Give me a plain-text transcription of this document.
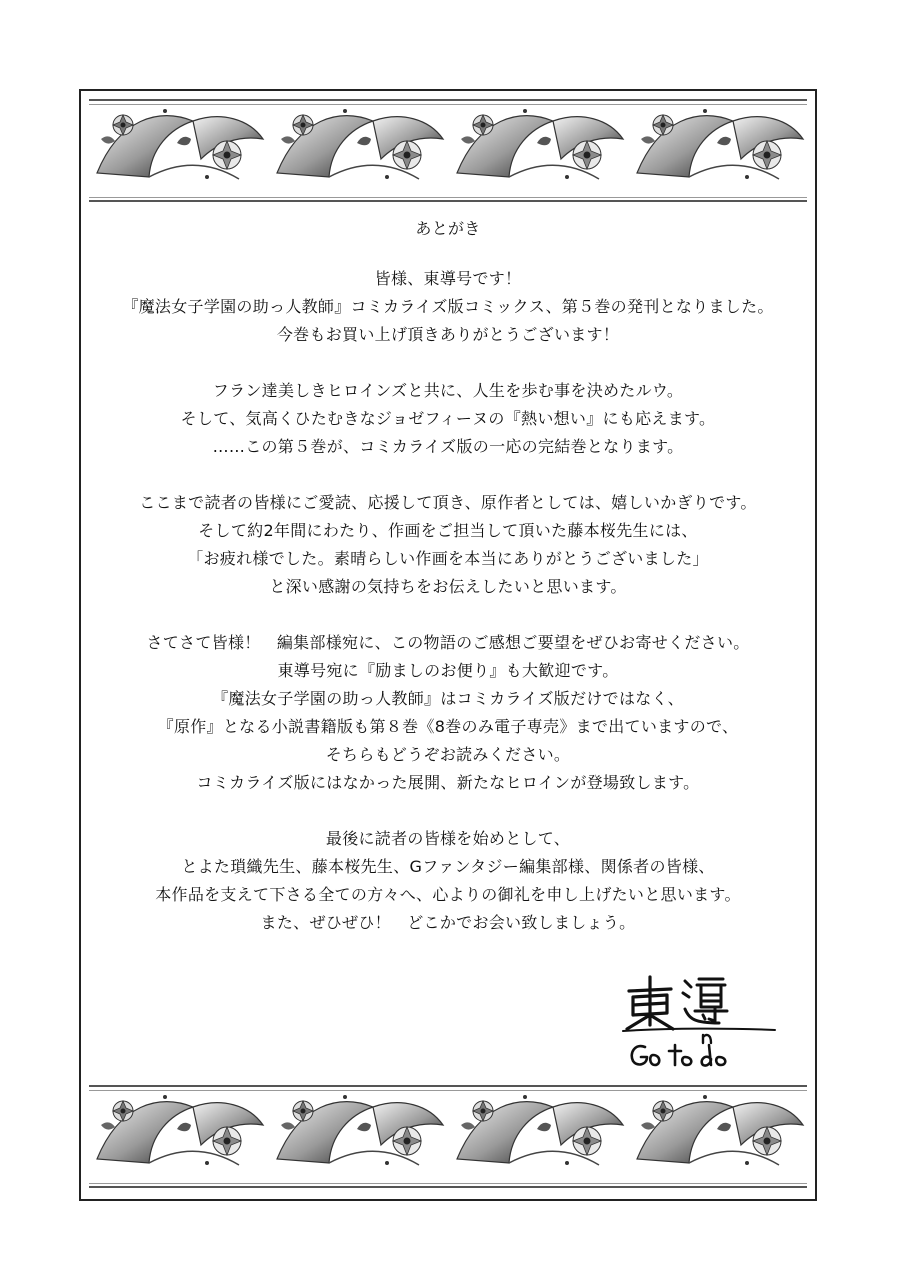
あとがき

皆様、東導号です！

『魔法女子学園の助っ人教師』コミカライズ版コミックス、第５巻の発刊となりました。

今巻もお買い上げ頂きありがとうございます！

フラン達美しきヒロインズと共に、人生を歩む事を決めたルウ。

そして、気高くひたむきなジョゼフィーヌの『熱い想い』にも応えます。

……この第５巻が、コミカライズ版の一応の完結巻となります。

ここまで読者の皆様にご愛読、応援して頂き、原作者としては、嬉しいかぎりです。

そして約2年間にわたり、作画をご担当して頂いた藤本桜先生には、

「お疲れ様でした。素晴らしい作画を本当にありがとうございました」

と深い感謝の気持ちをお伝えしたいと思います。

さてさて皆様！　編集部様宛に、この物語のご感想ご要望をぜひお寄せください。

東導号宛に『励ましのお便り』も大歓迎です。

『魔法女子学園の助っ人教師』はコミカライズ版だけではなく、

『原作』となる小説書籍版も第８巻《8巻のみ電子専売》まで出ていますので、

そちらもどうぞお読みください。

コミカライズ版にはなかった展開、新たなヒロインが登場致します。

最後に読者の皆様を始めとして、

とよた瑣織先生、藤本桜先生、Gファンタジー編集部様、関係者の皆様、

本作品を支えて下さる全ての方々へ、心よりの御礼を申し上げたいと思います。

また、ぜひぜひ！　どこかでお会い致しましょう。
